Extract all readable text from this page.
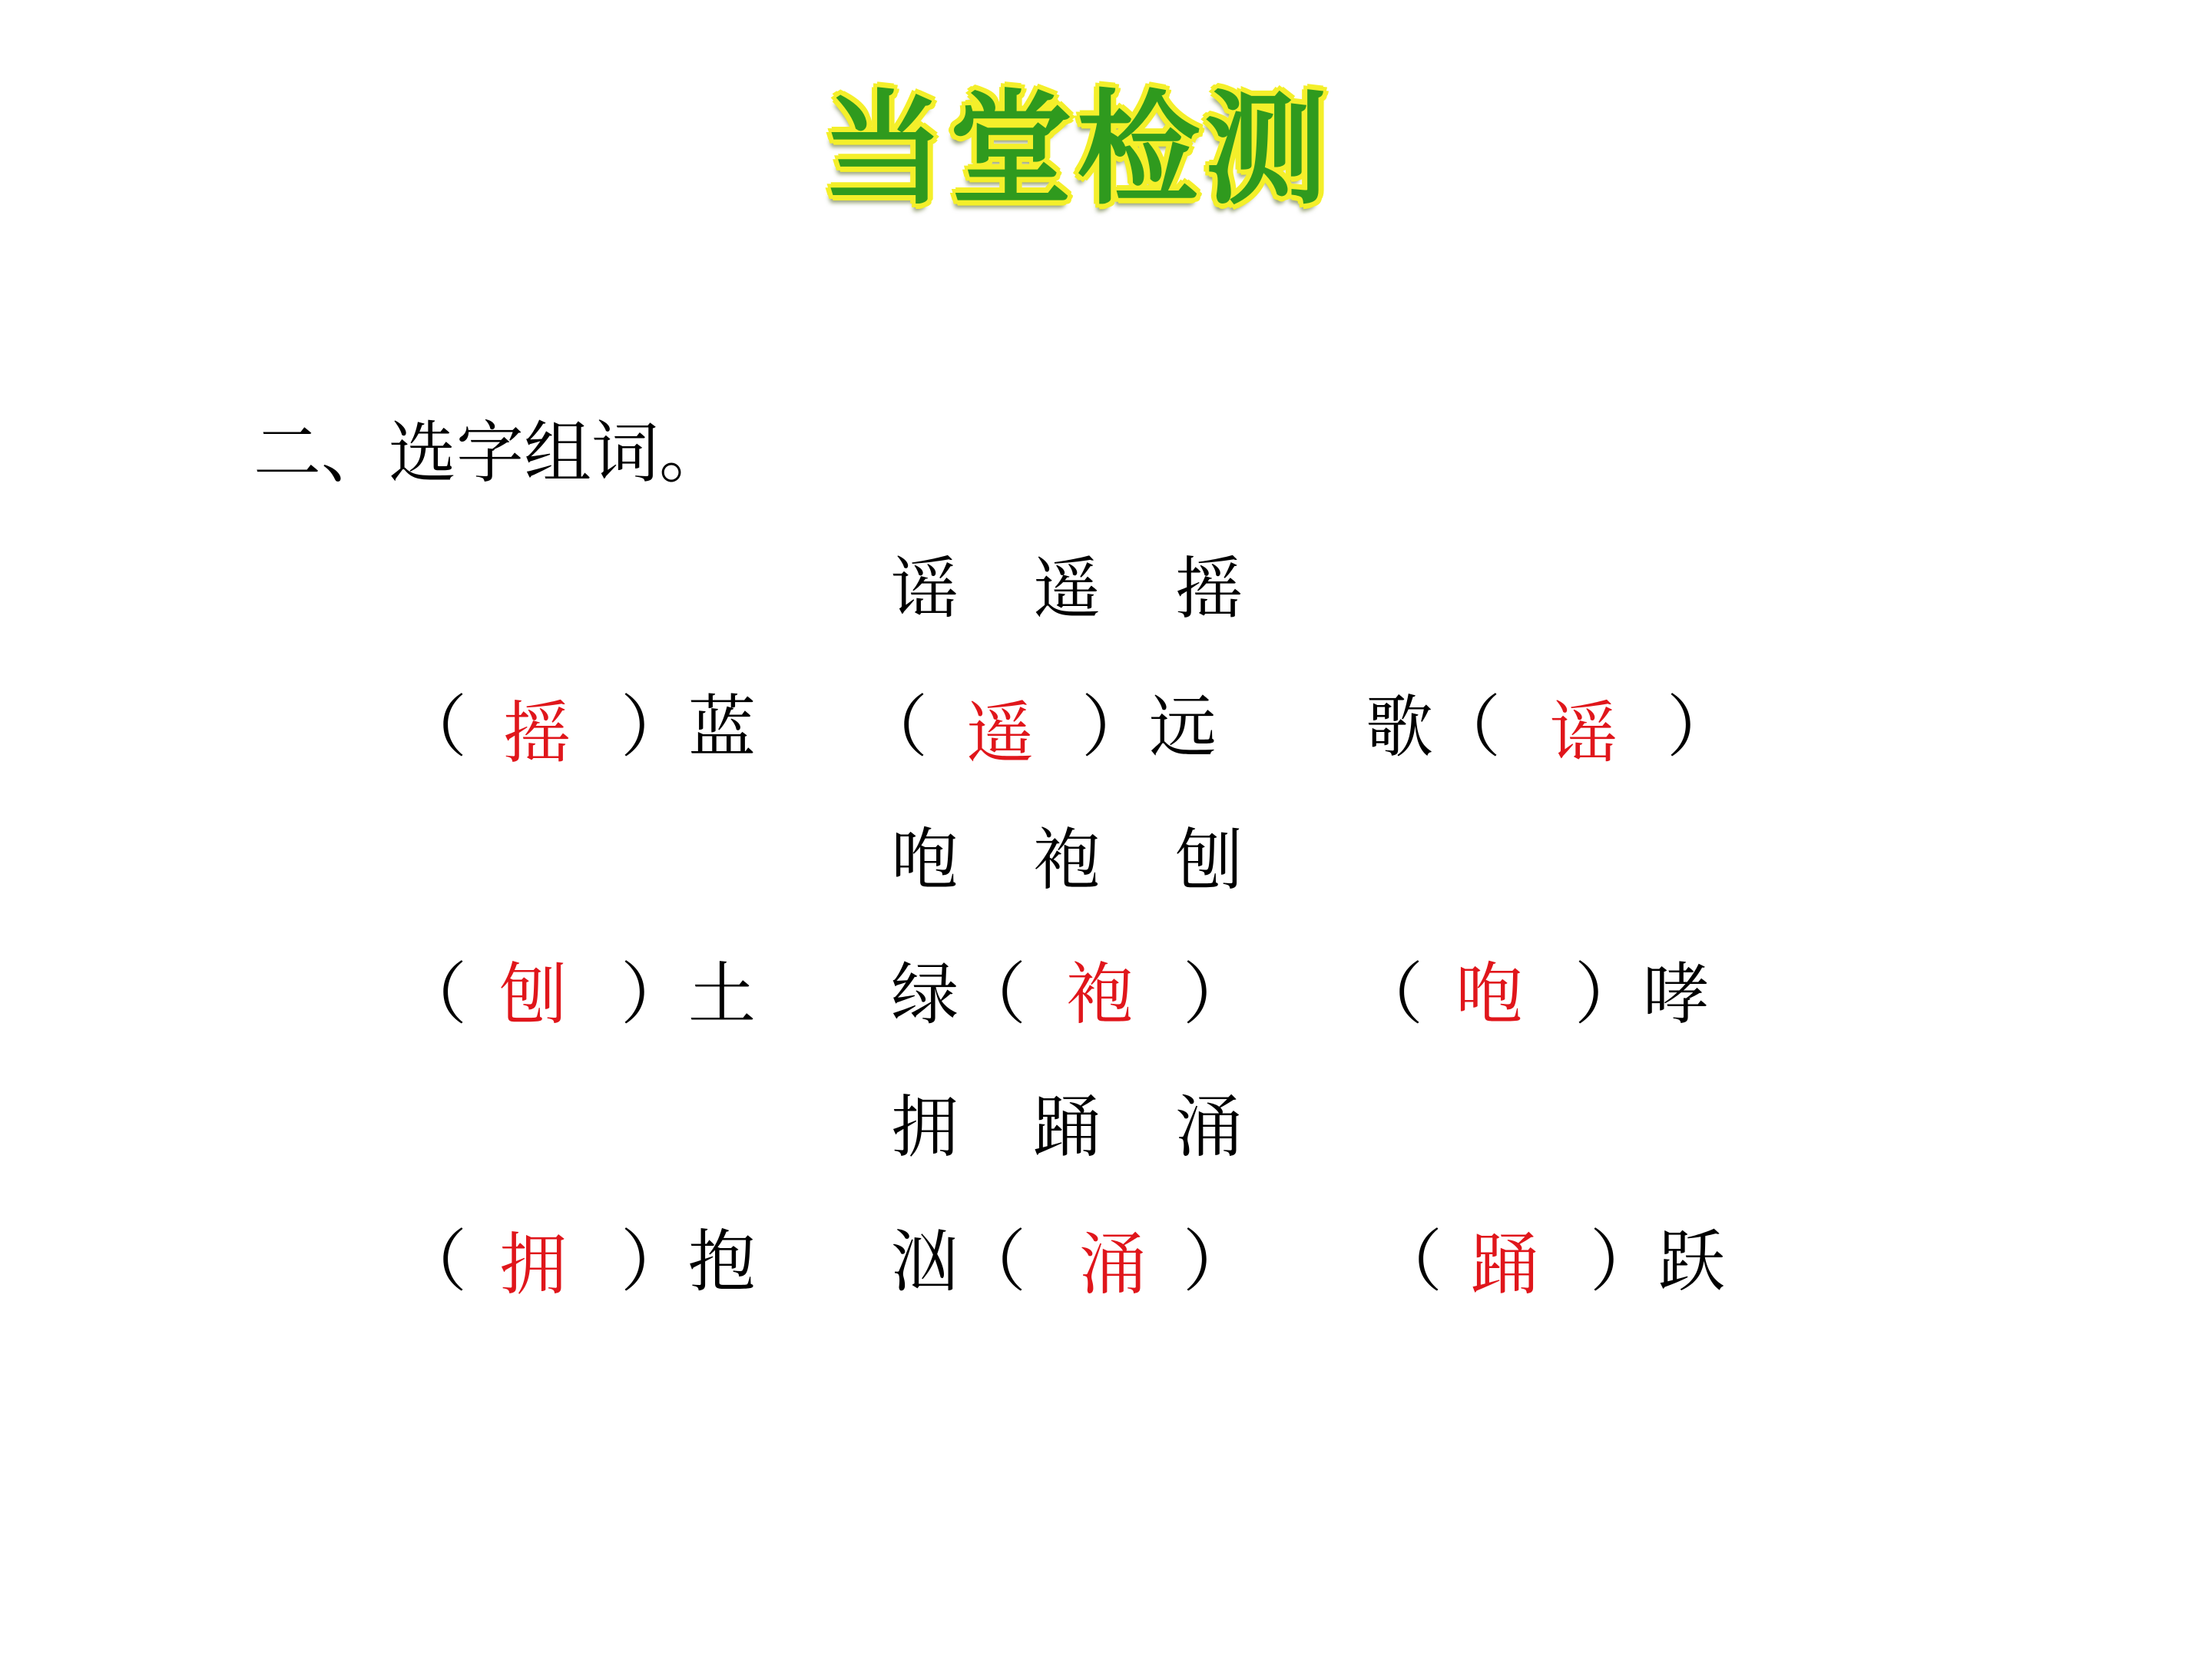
当堂检测
二、选字组词。
谣 遥 摇
（ 摇 ）蓝 （ 遥 ）远 歌（ 谣 ）
咆 袍 刨
（ 刨 ）土 绿（ 袍 ） （ 咆 ）哮
拥 踊 涌
（ 拥 ）抱 汹（ 涌 ） （ 踊 ）跃
